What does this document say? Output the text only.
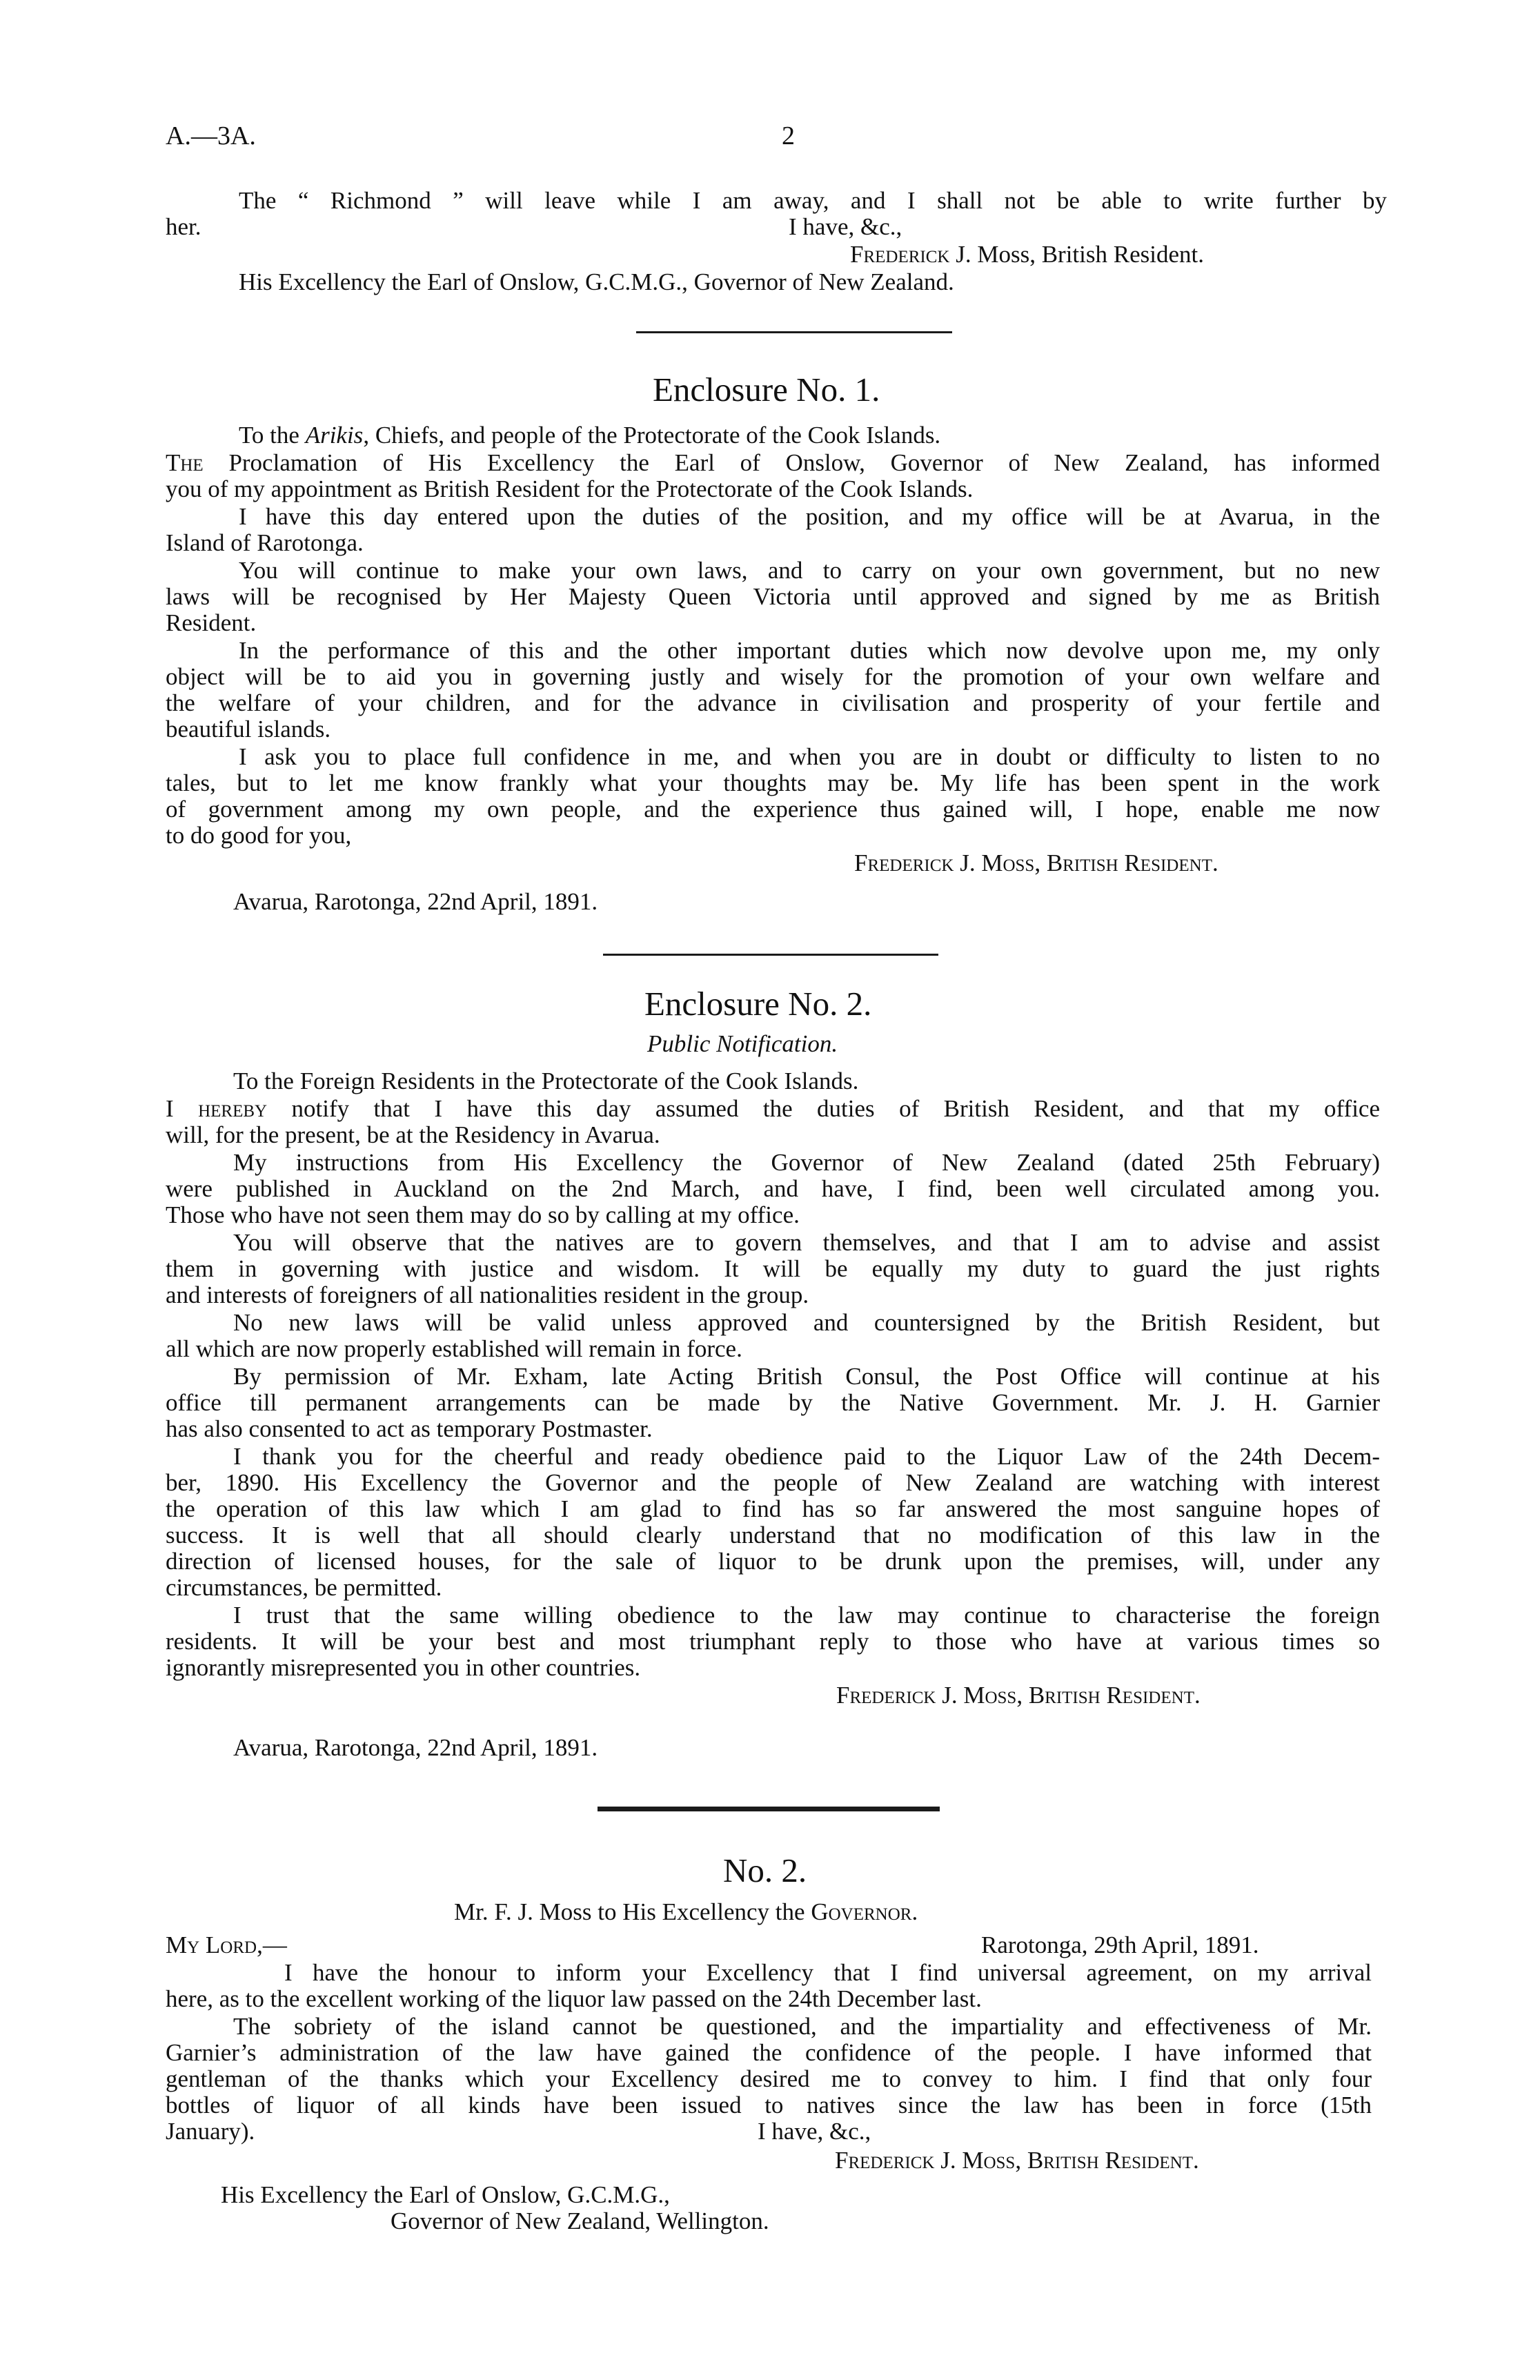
A.—3A.	2
The “ Richmond ” will leave while I am away, and I shall not be able to write further by
her.	I have, &c.,
Frederick J. Moss, British Resident.
His Excellency the Earl of Onslow, G.C.M.G., Governor of New Zealand.
Enclosure No. 1.
To the Arikis, Chiefs, and people of the Protectorate of the Cook Islands.
The Proclamation of His Excellency the Earl of Onslow, Governor of New Zealand, has informed
you of my appointment as British Resident for the Protectorate of the Cook Islands.
I have this day entered upon the duties of the position, and my office will be at Avarua, in the
Island of Rarotonga.
You will continue to make your own laws, and to carry on your own government, but no new
laws will be recognised by Her Majesty Queen Victoria until approved and signed by me as British
Resident.
In the performance of this and the other important duties which now devolve upon me, my only
object will be to aid you in governing justly and wisely for the promotion of your own welfare and
the welfare of your children, and for the advance in civilisation and prosperity of your fertile and
beautiful islands.
I ask you to place full confidence in me, and when you are in doubt or difficulty to listen to no
tales, but to let me know frankly what your thoughts may be. My life has been spent in the work
of government among my own people, and the experience thus gained will, I hope, enable me now
to do good for you,
Frederick J. Moss, British Resident.
Avarua, Rarotonga, 22nd April, 1891.
Enclosure No. 2.
Public Notification.
To the Foreign Residents in the Protectorate of the Cook Islands.
I hereby notify that I have this day assumed the duties of British Resident, and that my office
will, for the present, be at the Residency in Avarua.
My instructions from His Excellency the Governor of New Zealand (dated 25th February)
were published in Auckland on the 2nd March, and have, I find, been well circulated among you.
Those who have not seen them may do so by calling at my office.
You will observe that the natives are to govern themselves, and that I am to advise and assist
them in governing with justice and wisdom. It will be equally my duty to guard the just rights
and interests of foreigners of all nationalities resident in the group.
No new laws will be valid unless approved and countersigned by the British Resident, but
all which are now properly established will remain in force.
By permission of Mr. Exham, late Acting British Consul, the Post Office will continue at his
office till permanent arrangements can be made by the Native Government. Mr. J. H. Garnier
has also consented to act as temporary Postmaster.
I thank you for the cheerful and ready obedience paid to the Liquor Law of the 24th Decem-
ber, 1890. His Excellency the Governor and the people of New Zealand are watching with interest
the operation of this law which I am glad to find has so far answered the most sanguine hopes of
success. It is well that all should clearly understand that no modification of this law in the
direction of licensed houses, for the sale of liquor to be drunk upon the premises, will, under any
circumstances, be permitted.
I trust that the same willing obedience to the law may continue to characterise the foreign
residents. It will be your best and most triumphant reply to those who have at various times so
ignorantly misrepresented you in other countries.
Frederick J. Moss, British Resident.
Avarua, Rarotonga, 22nd April, 1891.
No. 2.
Mr. F. J. Moss to His Excellency the Governor.
My Lord,—	Rarotonga, 29th April, 1891.
I have the honour to inform your Excellency that I find universal agreement, on my arrival
here, as to the excellent working of the liquor law passed on the 24th December last.
The sobriety of the island cannot be questioned, and the impartiality and effectiveness of Mr.
Garnier’s administration of the law have gained the confidence of the people. I have informed that
gentleman of the thanks which your Excellency desired me to convey to him. I find that only four
bottles of liquor of all kinds have been issued to natives since the law has been in force (15th
January).	I have, &c.,
Frederick J. Moss, British Resident.
His Excellency the Earl of Onslow, G.C.M.G.,
Governor of New Zealand, Wellington.
